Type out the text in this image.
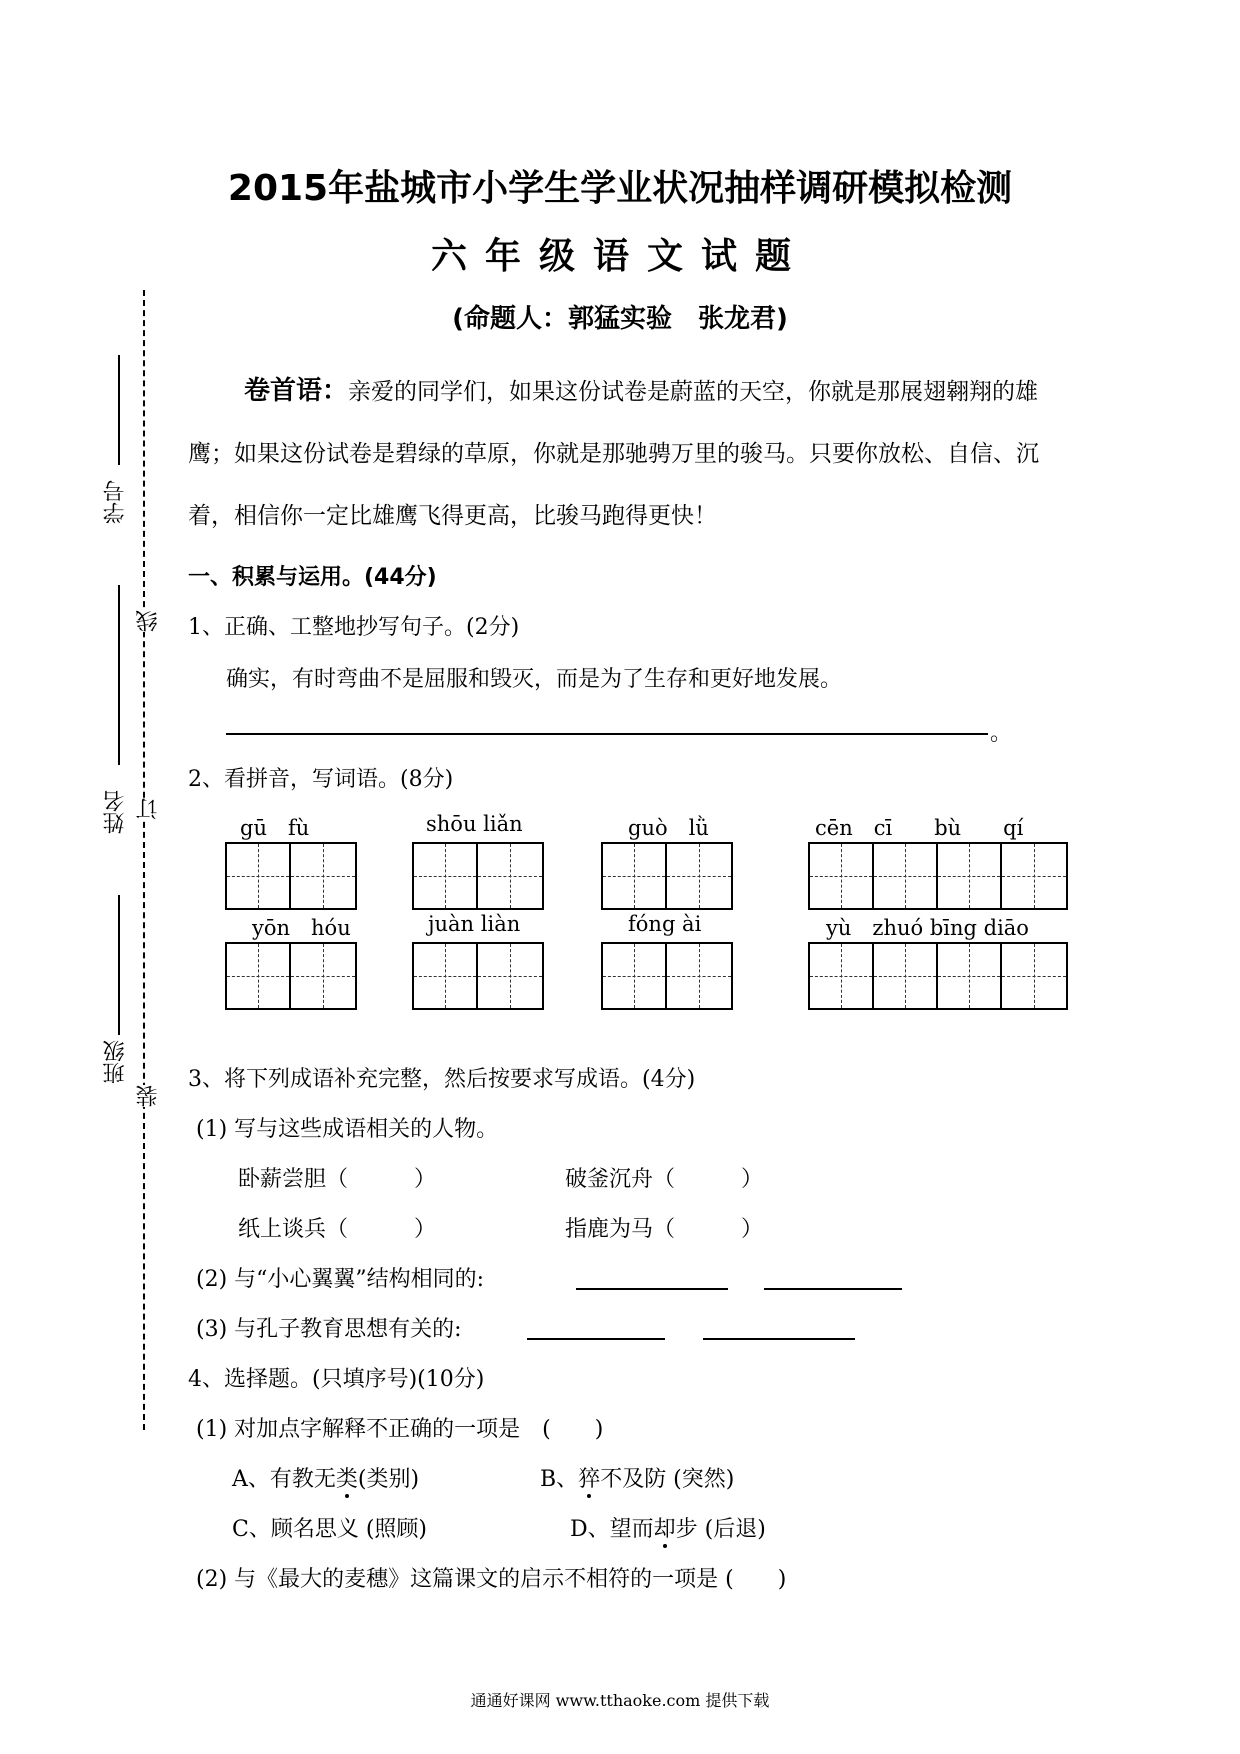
学号
姓名
班级
线
订
装
2015年盐城市小学生学业状况抽样调研模拟检测
六年级语文试题
(命题人：郭猛实验　张龙君)
卷首语：亲爱的同学们，如果这份试卷是蔚蓝的天空，你就是那展翅翱翔的雄鹰；如果这份试卷是碧绿的草原，你就是那驰骋万里的骏马。只要你放松、自信、沉着，相信你一定比雄鹰飞得更高，比骏马跑得更快！
一、积累与运用。(44分)
1、正确、工整地抄写句子。(2分)
确实，有时弯曲不是屈服和毁灭，而是为了生存和更好地发展。
。
2、看拼音，写词语。(8分)
gū　fù	shōu liǎn	guò　lǜ	cēn　cī　　bù　　qí
yōn　hóu	juàn liàn	fóng ài	yù　zhuó bīng diāo
3、将下列成语补充完整，然后按要求写成语。(4分)
(1) 写与这些成语相关的人物。
卧薪尝胆（　　　）	破釜沉舟（　　　）
纸上谈兵（　　　）	指鹿为马（　　　）
(2) 与“小心翼翼”结构相同的:
(3) 与孔子教育思想有关的:
4、选择题。(只填序号)(10分)
(1) 对加点字解释不正确的一项是　(　　)
A、有教无类(类别)	B、猝不及防 (突然)
C、顾名思义 (照顾)	D、望而却步 (后退)
(2) 与《最大的麦穗》这篇课文的启示不相符的一项是 (　　)
通通好课网 www.tthaoke.com 提供下载
